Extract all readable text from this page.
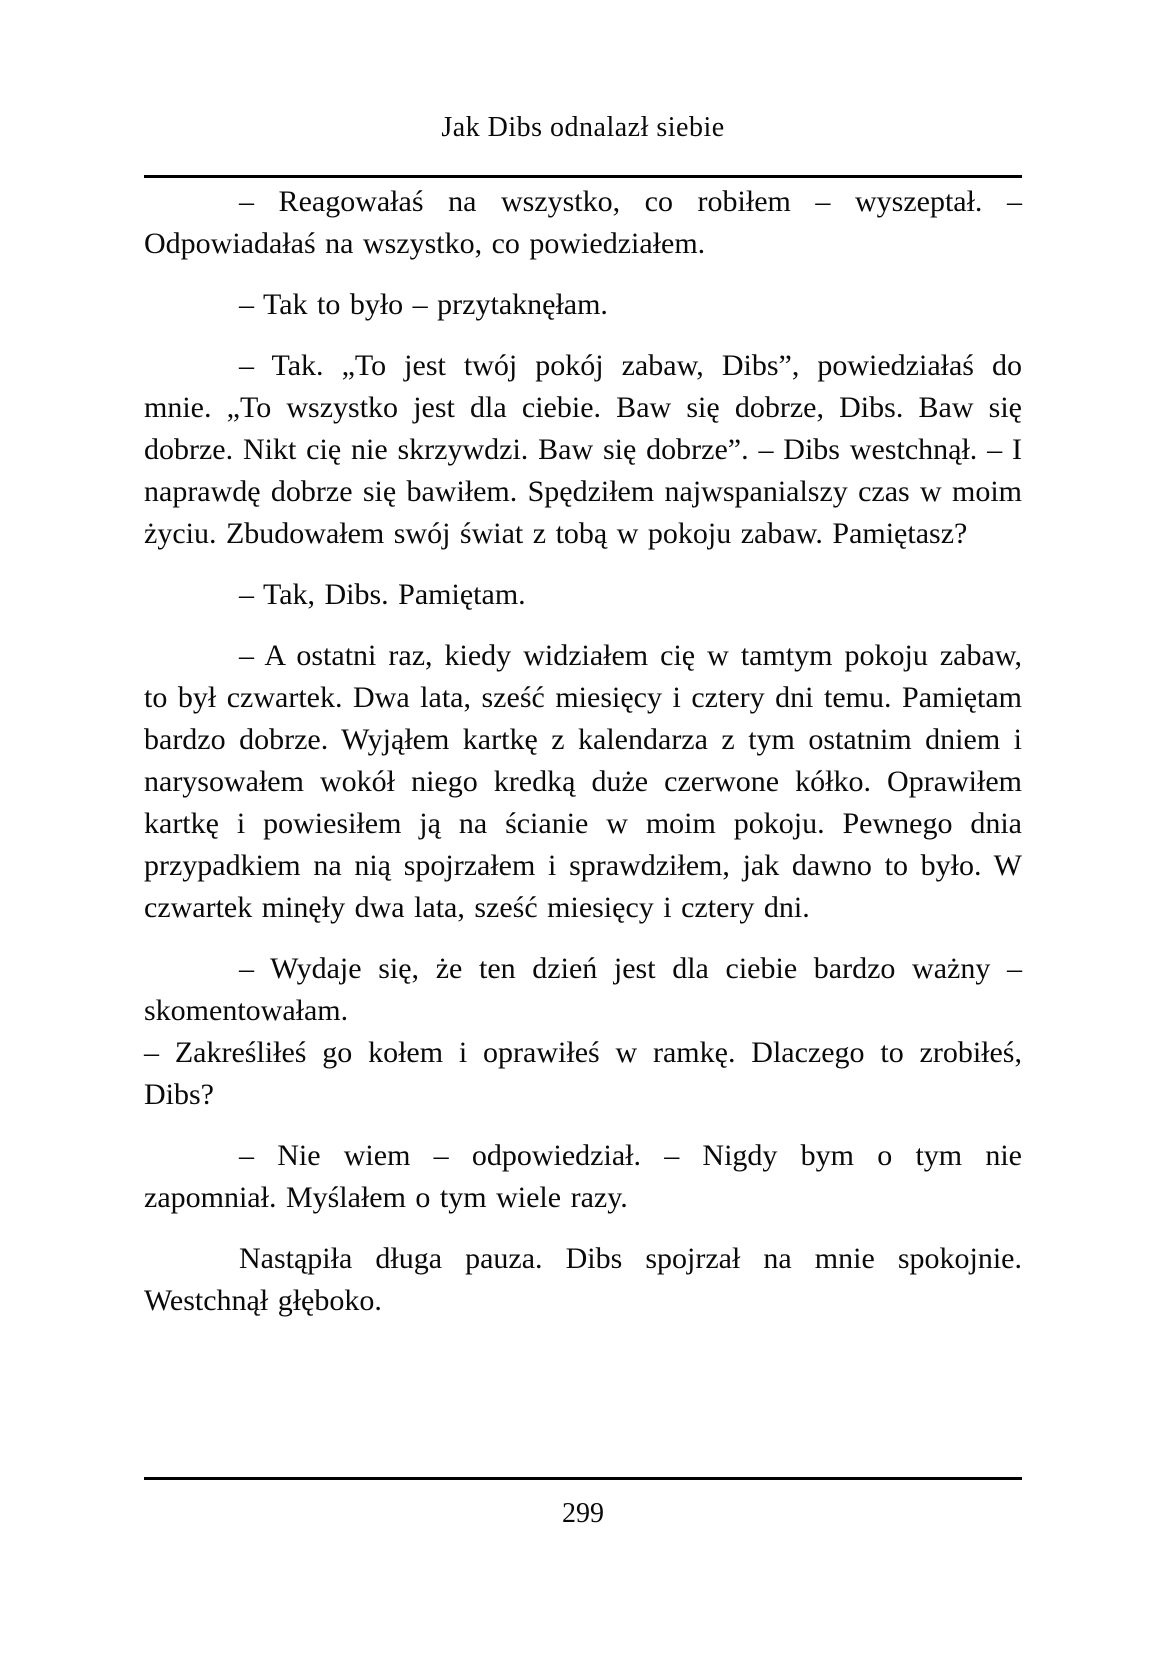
Jak Dibs odnalazł siebie

– Reagowałaś na wszystko, co robiłem – wyszeptał. – Odpowiadałaś na wszystko, co powiedziałem.

– Tak to było – przytaknęłam.

– Tak. „To jest twój pokój zabaw, Dibs”, powiedziałaś do mnie. „To wszystko jest dla ciebie. Baw się dobrze, Dibs. Baw się dobrze. Nikt cię nie skrzywdzi. Baw się dobrze”. – Dibs westchnął. – I naprawdę dobrze się bawiłem. Spędziłem najwspanialszy czas w moim życiu. Zbudowałem swój świat z tobą w pokoju zabaw. Pamiętasz?

– Tak, Dibs. Pamiętam.

– A ostatni raz, kiedy widziałem cię w tamtym pokoju zabaw, to był czwartek. Dwa lata, sześć miesięcy i cztery dni temu. Pamiętam bardzo dobrze. Wyjąłem kartkę z kalendarza z tym ostatnim dniem i narysowałem wokół niego kredką duże czerwone kółko. Oprawiłem kartkę i powiesiłem ją na ścianie w moim pokoju. Pewnego dnia przypadkiem na nią spojrzałem i sprawdziłem, jak dawno to było. W czwartek minęły dwa lata, sześć miesięcy i cztery dni.

– Wydaje się, że ten dzień jest dla ciebie bardzo ważny – skomentowałam.

– Zakreśliłeś go kołem i oprawiłeś w ramkę. Dlaczego to zrobiłeś, Dibs?

– Nie wiem – odpowiedział. – Nigdy bym o tym nie zapomniał. Myślałem o tym wiele razy.

Nastąpiła długa pauza. Dibs spojrzał na mnie spokojnie. Westchnął głęboko.

299
